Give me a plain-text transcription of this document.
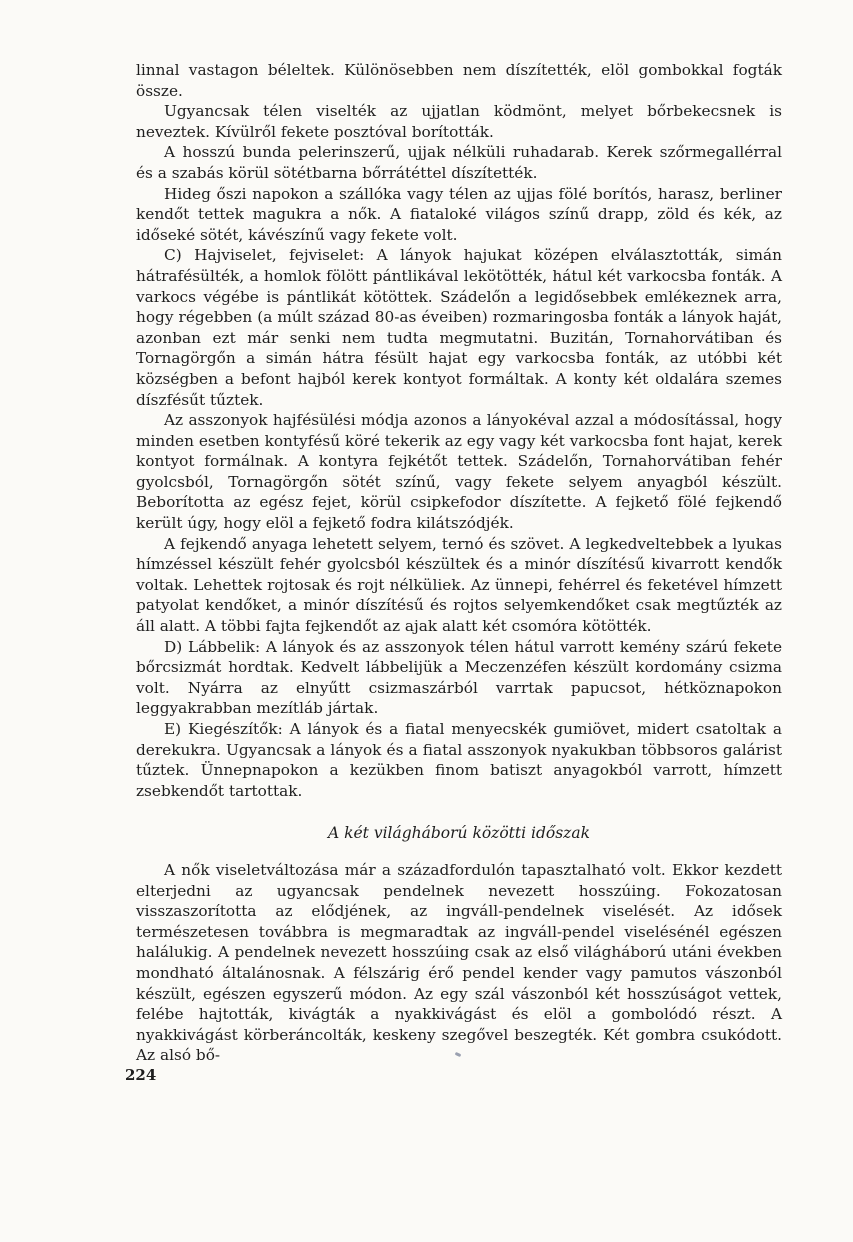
linnal vastagon béleltek. Különösebben nem díszítették, elöl gombokkal fogták össze.

Ugyancsak télen viselték az ujjatlan ködmönt, melyet bőrbekecsnek is neveztek. Kívülről fekete posztóval borították.

A hosszú bunda pelerinszerű, ujjak nélküli ruhadarab. Kerek szőrmegallérral és a szabás körül sötétbarna bőrrátéttel díszítették.

Hideg őszi napokon a szállóka vagy télen az ujjas fölé borítós, harasz, berliner kendőt tettek magukra a nők. A fiataloké világos színű drapp, zöld és kék, az időseké sötét, kávészínű vagy fekete volt.

C) Hajviselet, fejviselet: A lányok hajukat középen elválasztották, simán hátrafésülték, a homlok fölött pántlikával lekötötték, hátul két varkocsba fonták. A varkocs végébe is pántlikát kötöttek. Szádelőn a legidősebbek emlékeznek arra, hogy régebben (a múlt század 80-as éveiben) rozmaringosba fonták a lányok haját, azonban ezt már senki nem tudta megmutatni. Buzitán, Tornahorvátiban és Tornagörgőn a simán hátra fésült hajat egy varkocsba fonták, az utóbbi két községben a befont hajból kerek kontyot formáltak. A konty két oldalára szemes díszfésűt tűztek.

Az asszonyok hajfésülési módja azonos a lányokéval azzal a módosítással, hogy minden esetben kontyfésű köré tekerik az egy vagy két varkocsba font hajat, kerek kontyot formálnak. A kontyra fejkétőt tettek. Szádelőn, Tornahorvátiban fehér gyolcsból, Tornagörgőn sötét színű, vagy fekete selyem anyagból készült. Beborította az egész fejet, körül csipkefodor díszítette. A fejkető fölé fejkendő került úgy, hogy elöl a fejkető fodra kilátszódjék.

A fejkendő anyaga lehetett selyem, ternó és szövet. A legkedveltebbek a lyukas hímzéssel készült fehér gyolcsból készültek és a minór díszítésű kivarrott kendők voltak. Lehettek rojtosak és rojt nélküliek. Az ünnepi, fehérrel és feketével hímzett patyolat kendőket, a minór díszítésű és rojtos selyemkendőket csak megtűzték az áll alatt. A többi fajta fejkendőt az ajak alatt két csomóra kötötték.

D) Lábbelik: A lányok és az asszonyok télen hátul varrott kemény szárú fekete bőrcsizmát hordtak. Kedvelt lábbelijük a Meczenzéfen készült kordomány csizma volt. Nyárra az elnyűtt csizmaszárból varrtak papucsot, hétköznapokon leggyakrabban mezítláb jártak.

E) Kiegészítők: A lányok és a fiatal menyecskék gumiövet, midert csatoltak a derekukra. Ugyancsak a lányok és a fiatal asszonyok nyakukban többsoros galárist tűztek. Ünnepnapokon a kezükben finom batiszt anyagokból varrott, hímzett zsebkendőt tartottak.

A két világháború közötti időszak

A nők viseletváltozása már a századfordulón tapasztalható volt. Ekkor kezdett elterjedni az ugyancsak pendelnek nevezett hosszúing. Fokozatosan visszaszorította az elődjének, az ingváll-pendelnek viselését. Az idősek természetesen továbbra is megmaradtak az ingváll-pendel viselésénél egészen halálukig. A pendelnek nevezett hosszúing csak az első világháború utáni években mondható általánosnak. A félszárig érő pendel kender vagy pamutos vászonból készült, egészen egyszerű módon. Az egy szál vászonból két hosszúságot vettek, felébe hajtották, kivágták a nyakkivágást és elöl a gombolódó részt. A nyakkivágást körberáncolták, keskeny szegővel beszegték. Két gombra csukódott. Az alsó bő-

224
